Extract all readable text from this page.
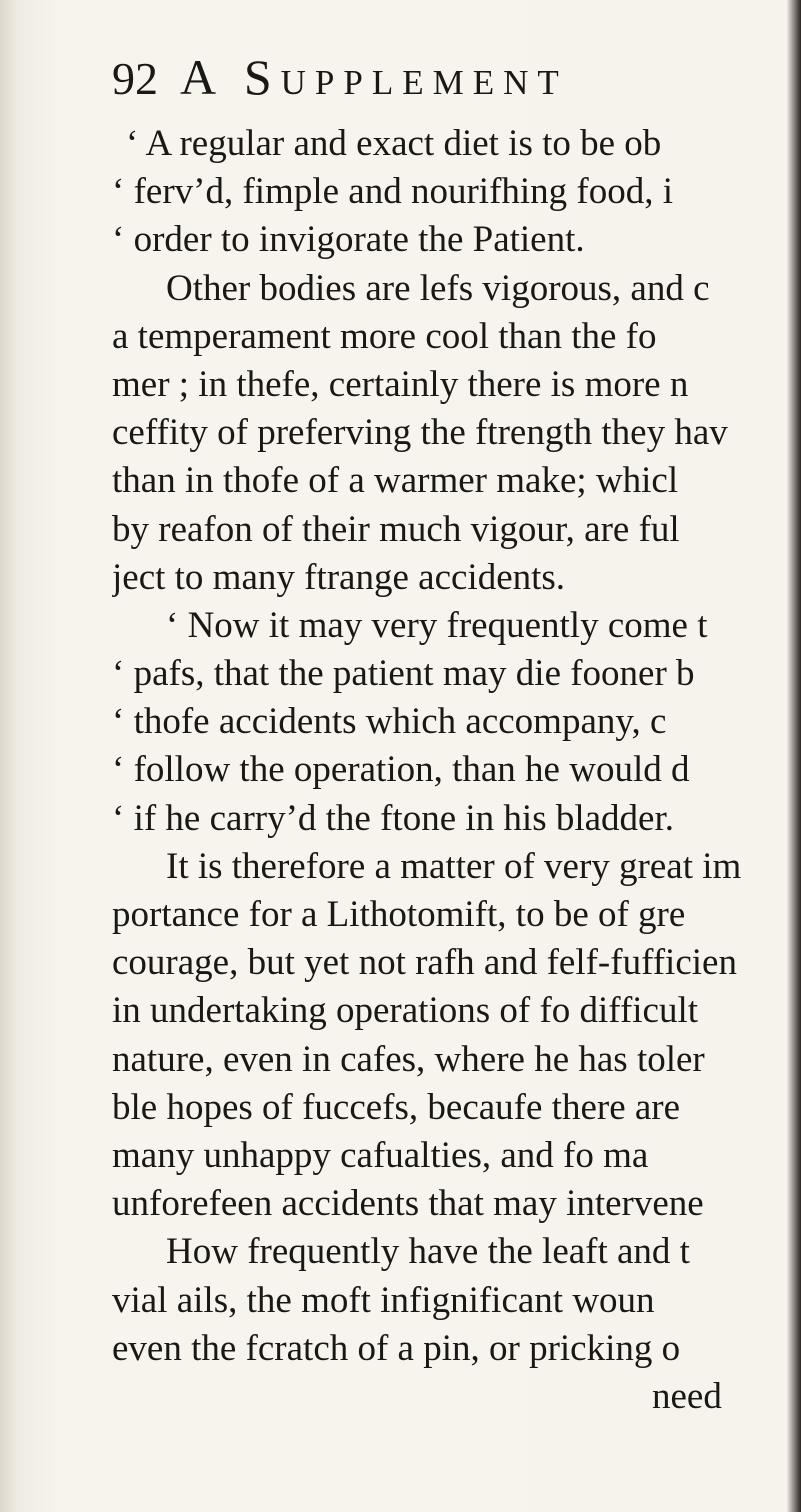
92 A Supplement
‘ A regular and exact diet is to be ob
‘ ferv’d, fimple and nourifhing food, i
‘ order to invigorate the Patient.
Other bodies are lefs vigorous, and c
a temperament more cool than the fo
mer ; in thefe, certainly there is more n
ceffity of preferving the ftrength they hav
than in thofe of a warmer make; whicl
by reafon of their much vigour, are ful
ject to many ftrange accidents.
‘ Now it may very frequently come t
‘ pafs, that the patient may die fooner b
‘ thofe accidents which accompany, c
‘ follow the operation, than he would d
‘ if he carry’d the ftone in his bladder.
It is therefore a matter of very great im
portance for a Lithotomift, to be of gre
courage, but yet not rafh and felf-fufficien
in undertaking operations of fo difficult
nature, even in cafes, where he has toler
ble hopes of fuccefs, becaufe there are
many unhappy cafualties, and fo ma
unforefeen accidents that may intervene
How frequently have the leaft and t
vial ails, the moft infignificant woun
even the fcratch of a pin, or pricking o
need
